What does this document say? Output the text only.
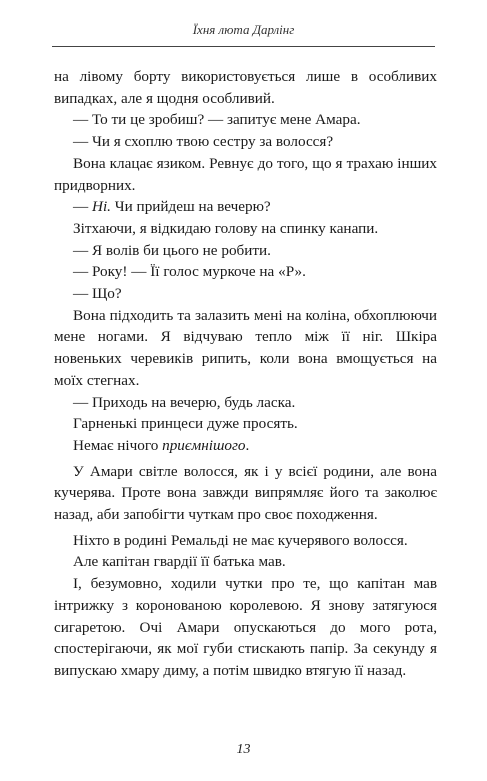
Їхня люта Дарлінг

на лівому борту використовується лише в особливих випадках, але я щодня особливий.

— То ти це зробиш? — запитує мене Амара.

— Чи я схоплю твою сестру за волосся?

Вона клацає язиком. Ревнує до того, що я трахаю інших придворних.

— Ні. Чи прийдеш на вечерю?

Зітхаючи, я відкидаю голову на спинку канапи.

— Я волів би цього не робити.

— Року! — Її голос муркоче на «Р».

— Що?

Вона підходить та залазить мені на коліна, обхоплюючи мене ногами. Я відчуваю тепло між її ніг. Шкіра новеньких черевиків рипить, коли вона вмощується на моїх стегнах.

— Приходь на вечерю, будь ласка.

Гарненькі принцеси дуже просять.

Немає нічого приємнішого.

У Амари світле волосся, як і у всієї родини, але вона кучерява. Проте вона завжди випрямляє його та заколює назад, аби запобігти чуткам про своє походження.

Ніхто в родині Ремальді не має кучерявого волосся.

Але капітан гвардії її батька мав.

І, безумовно, ходили чутки про те, що капітан мав інтрижку з коронованою королевою. Я знову затягуюся сигаретою. Очі Амари опускаються до мого рота, спостерігаючи, як мої губи стискають папір. За секунду я випускаю хмару диму, а потім швидко втягую її назад.

13
